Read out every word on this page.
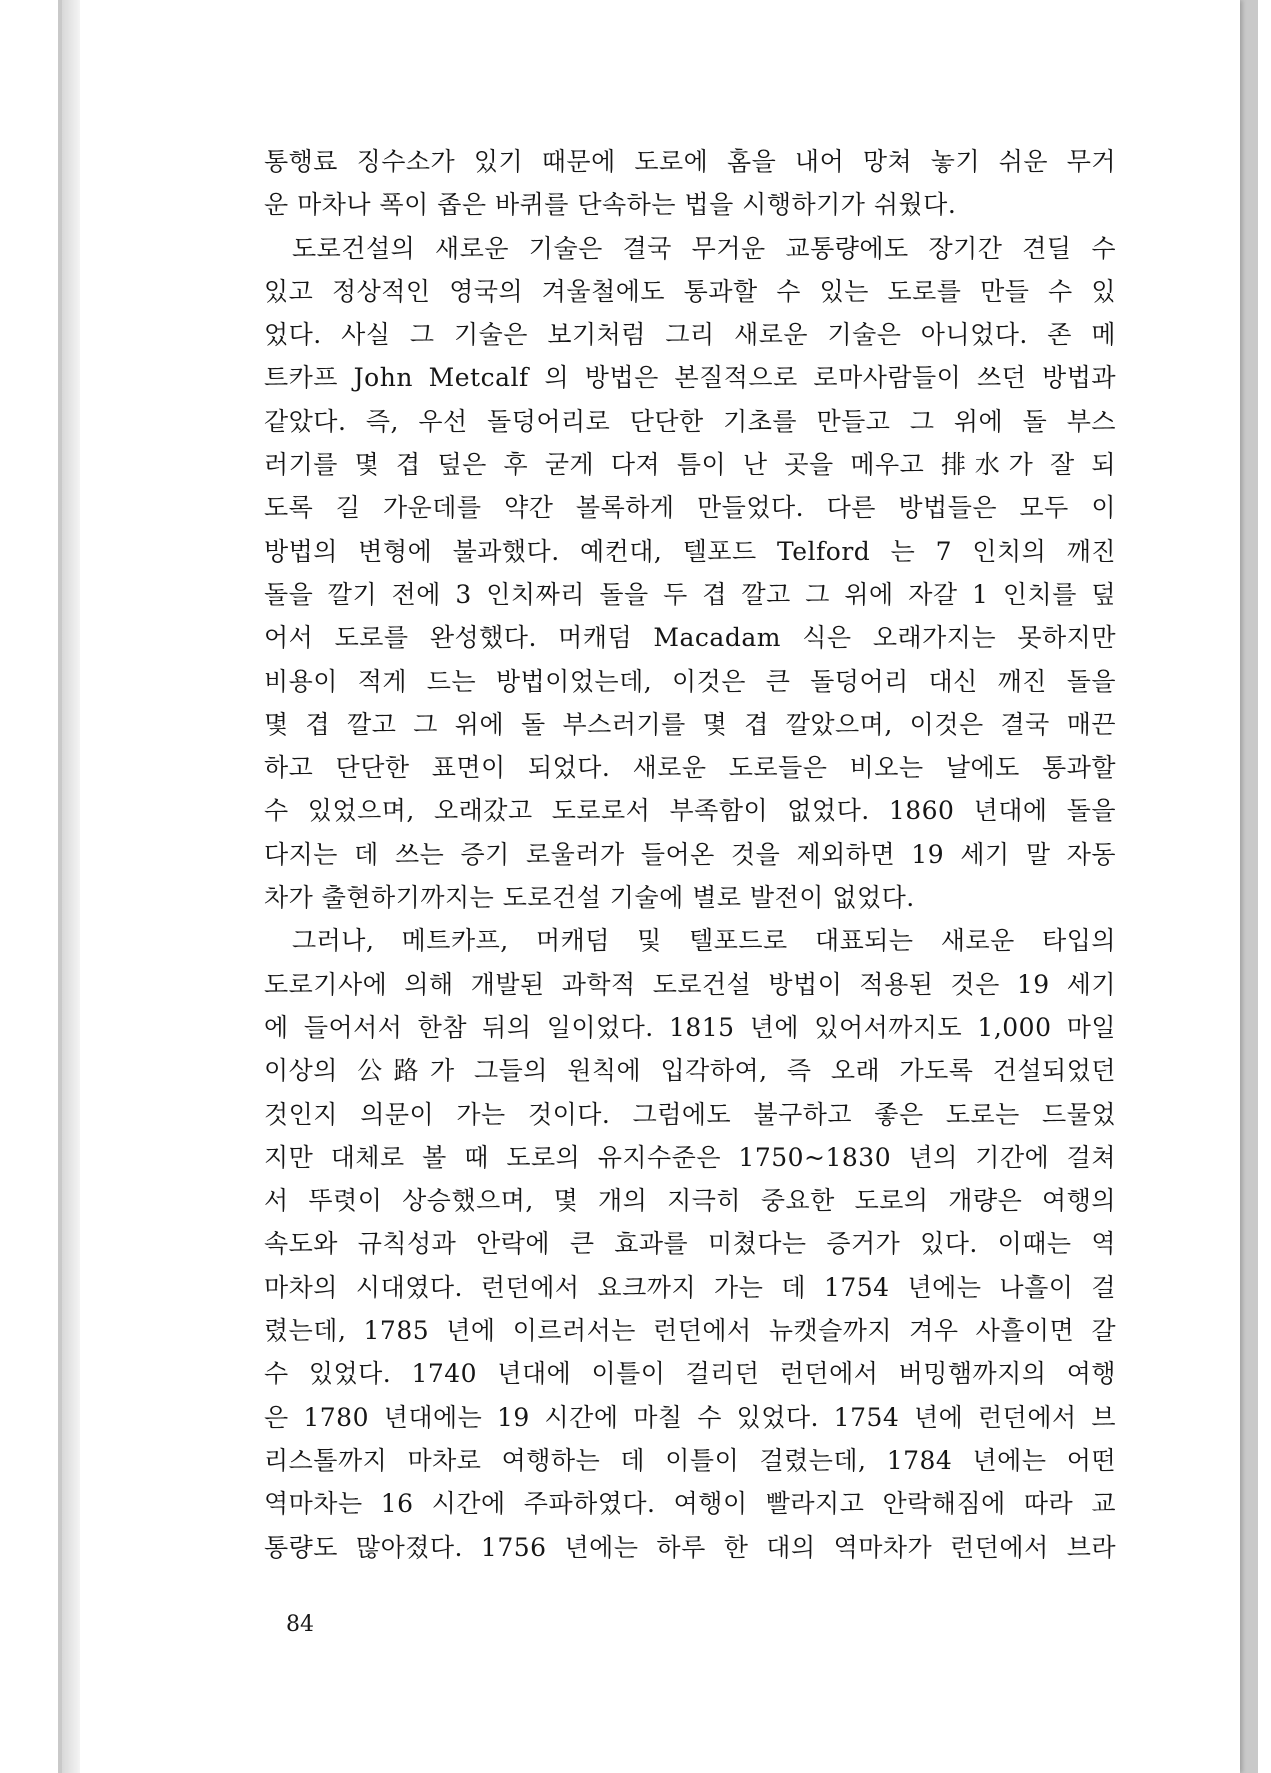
통행료 징수소가 있기 때문에 도로에 홈을 내어 망쳐 놓기 쉬운 무거
운 마차나 폭이 좁은 바퀴를 단속하는 법을 시행하기가 쉬웠다.
도로건설의 새로운 기술은 결국 무거운 교통량에도 장기간 견딜 수
있고 정상적인 영국의 겨울철에도 통과할 수 있는 도로를 만들 수 있
었다. 사실 그 기술은 보기처럼 그리 새로운 기술은 아니었다. 존 메
트카프 John Metcalf 의 방법은 본질적으로 로마사람들이 쓰던 방법과
같았다. 즉, 우선 돌덩어리로 단단한 기초를 만들고 그 위에 돌 부스
러기를 몇 겹 덮은 후 굳게 다져 틈이 난 곳을 메우고 排水가 잘 되
도록 길 가운데를 약간 볼록하게 만들었다. 다른 방법들은 모두 이
방법의 변형에 불과했다. 예컨대, 텔포드 Telford 는 7 인치의 깨진
돌을 깔기 전에 3 인치짜리 돌을 두 겹 깔고 그 위에 자갈 1 인치를 덮
어서 도로를 완성했다. 머캐덤 Macadam 식은 오래가지는 못하지만
비용이 적게 드는 방법이었는데, 이것은 큰 돌덩어리 대신 깨진 돌을
몇 겹 깔고 그 위에 돌 부스러기를 몇 겹 깔았으며, 이것은 결국 매끈
하고 단단한 표면이 되었다. 새로운 도로들은 비오는 날에도 통과할
수 있었으며, 오래갔고 도로로서 부족함이 없었다. 1860 년대에 돌을
다지는 데 쓰는 증기 로울러가 들어온 것을 제외하면 19 세기 말 자동
차가 출현하기까지는 도로건설 기술에 별로 발전이 없었다.
그러나, 메트카프, 머캐덤 및 텔포드로 대표되는 새로운 타입의
도로기사에 의해 개발된 과학적 도로건설 방법이 적용된 것은 19 세기
에 들어서서 한참 뒤의 일이었다. 1815 년에 있어서까지도 1,000 마일
이상의 公路가 그들의 원칙에 입각하여, 즉 오래 가도록 건설되었던
것인지 의문이 가는 것이다. 그럼에도 불구하고 좋은 도로는 드물었
지만 대체로 볼 때 도로의 유지수준은 1750~1830 년의 기간에 걸쳐
서 뚜렷이 상승했으며, 몇 개의 지극히 중요한 도로의 개량은 여행의
속도와 규칙성과 안락에 큰 효과를 미쳤다는 증거가 있다. 이때는 역
마차의 시대였다. 런던에서 요크까지 가는 데 1754 년에는 나흘이 걸
렸는데, 1785 년에 이르러서는 런던에서 뉴캣슬까지 겨우 사흘이면 갈
수 있었다. 1740 년대에 이틀이 걸리던 런던에서 버밍햄까지의 여행
은 1780 년대에는 19 시간에 마칠 수 있었다. 1754 년에 런던에서 브
리스톨까지 마차로 여행하는 데 이틀이 걸렸는데, 1784 년에는 어떤
역마차는 16 시간에 주파하였다. 여행이 빨라지고 안락해짐에 따라 교
통량도 많아졌다. 1756 년에는 하루 한 대의 역마차가 런던에서 브라
84
